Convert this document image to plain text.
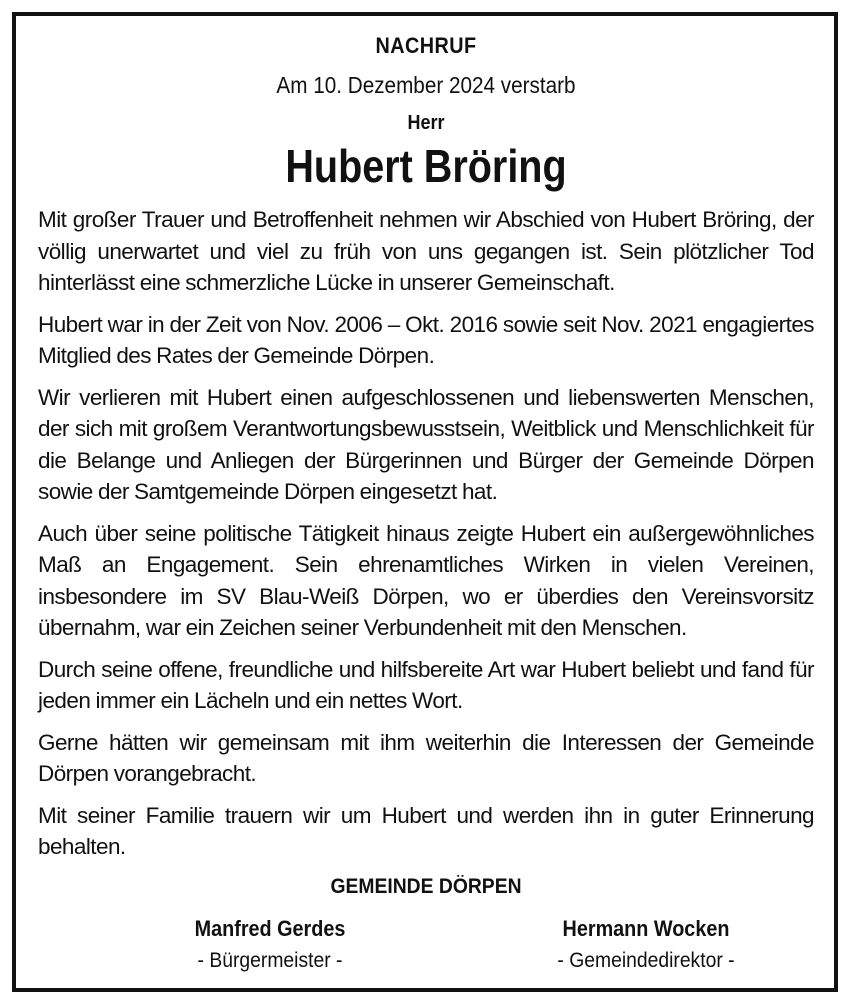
NACHRUF
Am 10. Dezember 2024 verstarb
Herr
Hubert Bröring

Mit großer Trauer und Betroffenheit nehmen wir Abschied von Hubert Bröring, der völlig unerwartet und viel zu früh von uns gegangen ist. Sein plötzlicher Tod hinterlässt eine schmerzliche Lücke in unserer Gemeinschaft.

Hubert war in der Zeit von Nov. 2006 – Okt. 2016 sowie seit Nov. 2021 engagiertes Mitglied des Rates der Gemeinde Dörpen.

Wir verlieren mit Hubert einen aufgeschlossenen und liebenswerten Menschen, der sich mit großem Verantwortungsbewusstsein, Weitblick und Menschlichkeit für die Belange und Anliegen der Bürgerinnen und Bürger der Gemeinde Dörpen sowie der Samtgemeinde Dörpen eingesetzt hat.

Auch über seine politische Tätigkeit hinaus zeigte Hubert ein außergewöhnliches Maß an Engagement. Sein ehrenamtliches Wirken in vielen Vereinen, insbesondere im SV Blau-Weiß Dörpen, wo er überdies den Vereinsvorsitz übernahm, war ein Zeichen seiner Verbundenheit mit den Menschen.

Durch seine offene, freundliche und hilfsbereite Art war Hubert beliebt und fand für jeden immer ein Lächeln und ein nettes Wort.

Gerne hätten wir gemeinsam mit ihm weiterhin die Interessen der Gemeinde Dörpen vorangebracht.

Mit seiner Familie trauern wir um Hubert und werden ihn in guter Erinnerung behalten.

GEMEINDE DÖRPEN
Manfred Gerdes
- Bürgermeister -
Hermann Wocken
- Gemeindedirektor -
